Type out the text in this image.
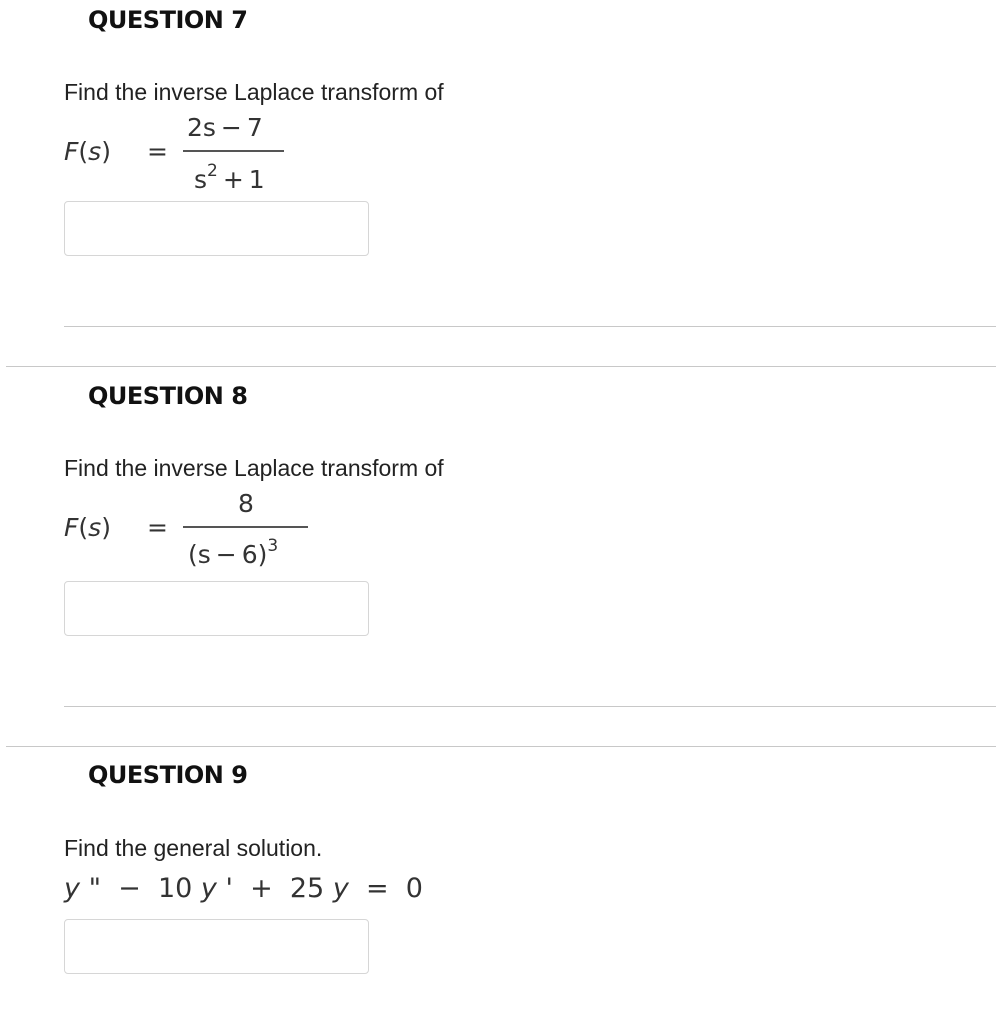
QUESTION 7
Find the inverse Laplace transform of
F(s) =
2s − 7
$s^2 + 1$
QUESTION 8
Find the inverse Laplace transform of
F(s) =
8
$(s - 6)^3$
QUESTION 9
Find the general solution.
y "  −  10 y '  +  25 y  =  0
